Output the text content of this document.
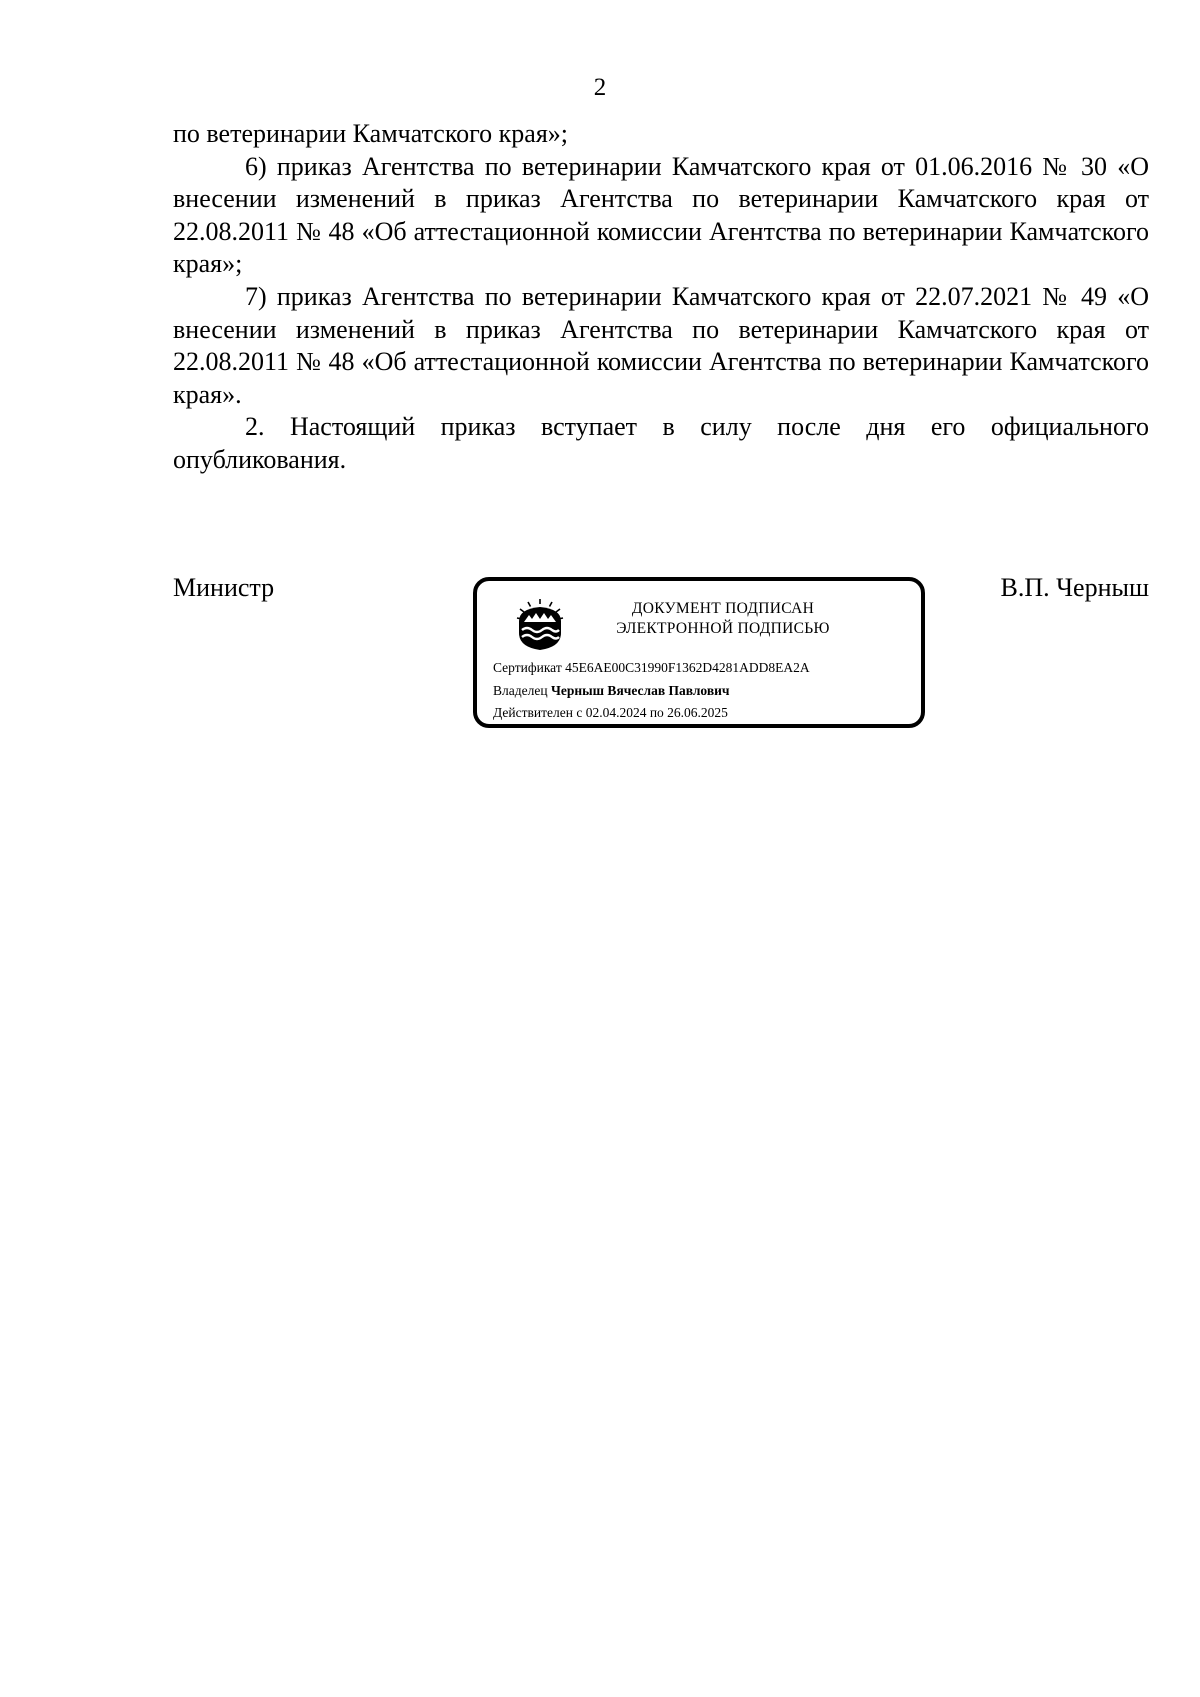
2

по ветеринарии Камчатского края»;

6) приказ Агентства по ветеринарии Камчатского края от 01.06.2016 № 30 «О внесении изменений в приказ Агентства по ветеринарии Камчатского края от 22.08.2011 № 48 «Об аттестационной комиссии Агентства по ветеринарии Камчатского края»;

7) приказ Агентства по ветеринарии Камчатского края от 22.07.2021 № 49 «О внесении изменений в приказ Агентства по ветеринарии Камчатского края от 22.08.2011 № 48 «Об аттестационной комиссии Агентства по ветеринарии Камчатского края».

2. Настоящий приказ вступает в силу после дня его официального опубликования.

Министр	В.П. Черныш
ДОКУМЕНТ ПОДПИСАН
ЭЛЕКТРОННОЙ ПОДПИСЬЮ
Сертификат 45E6AE00C31990F1362D4281ADD8EA2A
Владелец Черныш Вячеслав Павлович
Действителен с 02.04.2024 по 26.06.2025
